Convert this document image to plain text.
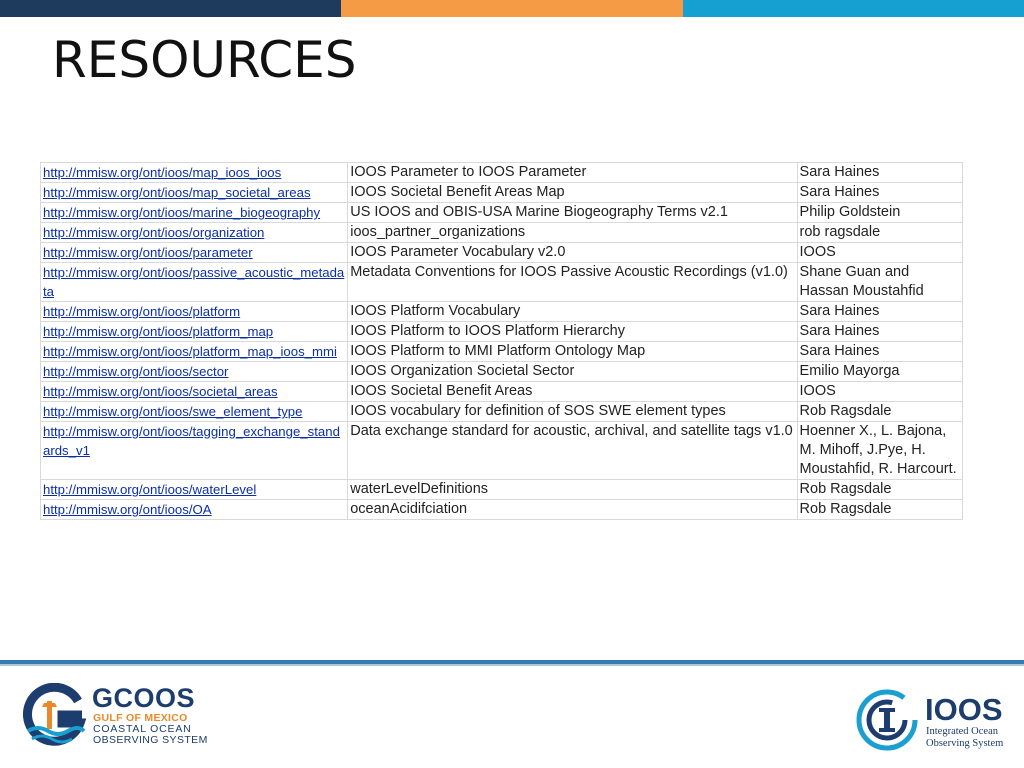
RESOURCES
http://mmisw.org/ont/ioos/map_ioos_ioos	IOOS Parameter to IOOS Parameter	Sara Haines
http://mmisw.org/ont/ioos/map_societal_areas	IOOS Societal Benefit Areas Map	Sara Haines
http://mmisw.org/ont/ioos/marine_biogeography	US IOOS and OBIS-USA Marine Biogeography Terms v2.1	Philip Goldstein
http://mmisw.org/ont/ioos/organization	ioos_partner_organizations	rob ragsdale
http://mmisw.org/ont/ioos/parameter	IOOS Parameter Vocabulary v2.0	IOOS
http://mmisw.org/ont/ioos/passive_acoustic_metadata	Metadata Conventions for IOOS Passive Acoustic Recordings (v1.0)	Shane Guan and Hassan Moustahfid
http://mmisw.org/ont/ioos/platform	IOOS Platform Vocabulary	Sara Haines
http://mmisw.org/ont/ioos/platform_map	IOOS Platform to IOOS Platform Hierarchy	Sara Haines
http://mmisw.org/ont/ioos/platform_map_ioos_mmi	IOOS Platform to MMI Platform Ontology Map	Sara Haines
http://mmisw.org/ont/ioos/sector	IOOS Organization Societal Sector	Emilio Mayorga
http://mmisw.org/ont/ioos/societal_areas	IOOS Societal Benefit Areas	IOOS
http://mmisw.org/ont/ioos/swe_element_type	IOOS vocabulary for definition of SOS SWE element types	Rob Ragsdale
http://mmisw.org/ont/ioos/tagging_exchange_standards_v1	Data exchange standard for acoustic, archival, and satellite tags v1.0	Hoenner X., L. Bajona, M. Mihoff, J.Pye, H. Moustahfid, R. Harcourt.
http://mmisw.org/ont/ioos/waterLevel	waterLevelDefinitions	Rob Ragsdale
http://mmisw.org/ont/ioos/OA	oceanAcidifciation	Rob Ragsdale
GCOOS
GULF OF MEXICO
COASTAL OCEAN
OBSERVING SYSTEM
IOOS
Integrated Ocean
Observing System
